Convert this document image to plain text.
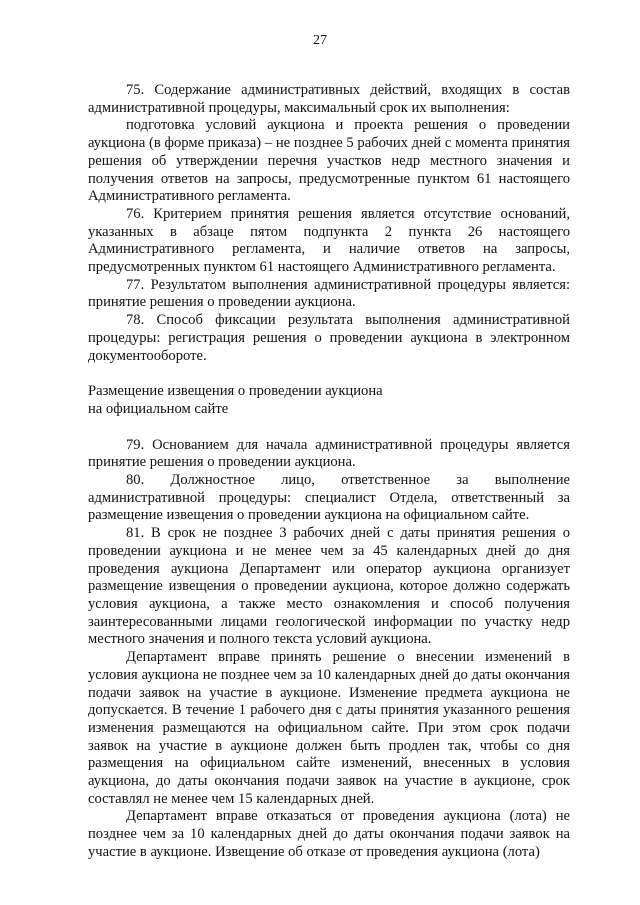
27

75. Содержание административных действий, входящих в состав административной процедуры, максимальный срок их выполнения:

подготовка условий аукциона и проекта решения о проведении аукциона (в форме приказа) – не позднее 5 рабочих дней с момента принятия решения об утверждении перечня участков недр местного значения и получения ответов на запросы, предусмотренные пунктом 61 настоящего Административного регламента.

76. Критерием принятия решения является отсутствие оснований, указанных в абзаце пятом подпункта 2 пункта 26 настоящего Административного регламента, и наличие ответов на запросы, предусмотренных пунктом 61 настоящего Административного регламента.

77. Результатом выполнения административной процедуры является: принятие решения о проведении аукциона.

78. Способ фиксации результата выполнения административной процедуры: регистрация решения о проведении аукциона в электронном документообороте.

Размещение извещения о проведении аукциона
на официальном сайте

79. Основанием для начала административной процедуры является принятие решения о проведении аукциона.

80. Должностное лицо, ответственное за выполнение административной процедуры: специалист Отдела, ответственный за размещение извещения о проведении аукциона на официальном сайте.

81. В срок не позднее 3 рабочих дней с даты принятия решения о проведении аукциона и не менее чем за 45 календарных дней до дня проведения аукциона Департамент или оператор аукциона организует размещение извещения о проведении аукциона, которое должно содержать условия аукциона, а также место ознакомления и способ получения заинтересованными лицами геологической информации по участку недр местного значения и полного текста условий аукциона.

Департамент вправе принять решение о внесении изменений в условия аукциона не позднее чем за 10 календарных дней до даты окончания подачи заявок на участие в аукционе. Изменение предмета аукциона не допускается. В течение 1 рабочего дня с даты принятия указанного решения изменения размещаются на официальном сайте. При этом срок подачи заявок на участие в аукционе должен быть продлен так, чтобы со дня размещения на официальном сайте изменений, внесенных в условия аукциона, до даты окончания подачи заявок на участие в аукционе, срок составлял не менее чем 15 календарных дней.

Департамент вправе отказаться от проведения аукциона (лота) не позднее чем за 10 календарных дней до даты окончания подачи заявок на участие в аукционе. Извещение об отказе от проведения аукциона (лота)
